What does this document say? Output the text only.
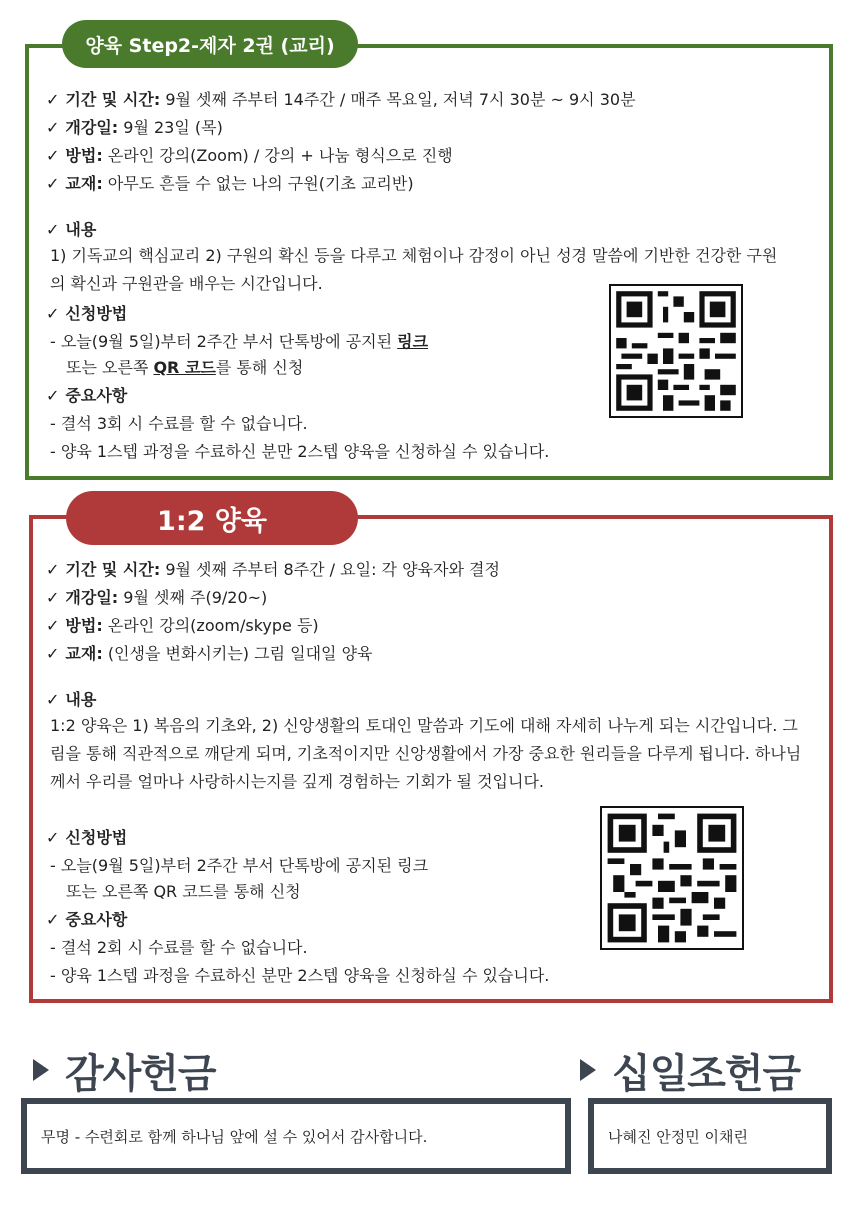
양육 Step2-제자 2권 (교리)
✓ 기간 및 시간: 9월 셋째 주부터 14주간 / 매주 목요일, 저녁 7시 30분 ~ 9시 30분
✓ 개강일: 9월 23일 (목)
✓ 방법: 온라인 강의(Zoom) / 강의 + 나눔 형식으로 진행
✓ 교재: 아무도 흔들 수 없는 나의 구원(기초 교리반)
✓ 내용
1) 기독교의 핵심교리 2) 구원의 확신 등을 다루고 체험이나 감정이 아닌 성경 말씀에 기반한 건강한 구원의 확신과 구원관을 배우는 시간입니다.
✓ 신청방법
- 오늘(9월 5일)부터 2주간 부서 단톡방에 공지된 링크
또는 오른쪽 QR 코드를 통해 신청
✓ 중요사항
- 결석 3회 시 수료를 할 수 없습니다.
- 양육 1스텝 과정을 수료하신 분만 2스텝 양육을 신청하실 수 있습니다.
1:2 양육
✓ 기간 및 시간: 9월 셋째 주부터 8주간 / 요일: 각 양육자와 결정
✓ 개강일: 9월 셋째 주(9/20~)
✓ 방법: 온라인 강의(zoom/skype 등)
✓ 교재: (인생을 변화시키는) 그림 일대일 양육
✓ 내용
1:2 양육은 1) 복음의 기초와, 2) 신앙생활의 토대인 말씀과 기도에 대해 자세히 나누게 되는 시간입니다. 그림을 통해 직관적으로 깨닫게 되며, 기초적이지만 신앙생활에서 가장 중요한 원리들을 다루게 됩니다. 하나님께서 우리를 얼마나 사랑하시는지를 깊게 경험하는 기회가 될 것입니다.
✓ 신청방법
- 오늘(9월 5일)부터 2주간 부서 단톡방에 공지된 링크
또는 오른쪽 QR 코드를 통해 신청
✓ 중요사항
- 결석 2회 시 수료를 할 수 없습니다.
- 양육 1스텝 과정을 수료하신 분만 2스텝 양육을 신청하실 수 있습니다.
감사헌금
무명 - 수련회로 함께 하나님 앞에 설 수 있어서 감사합니다.
십일조헌금
나혜진 안정민 이채린
